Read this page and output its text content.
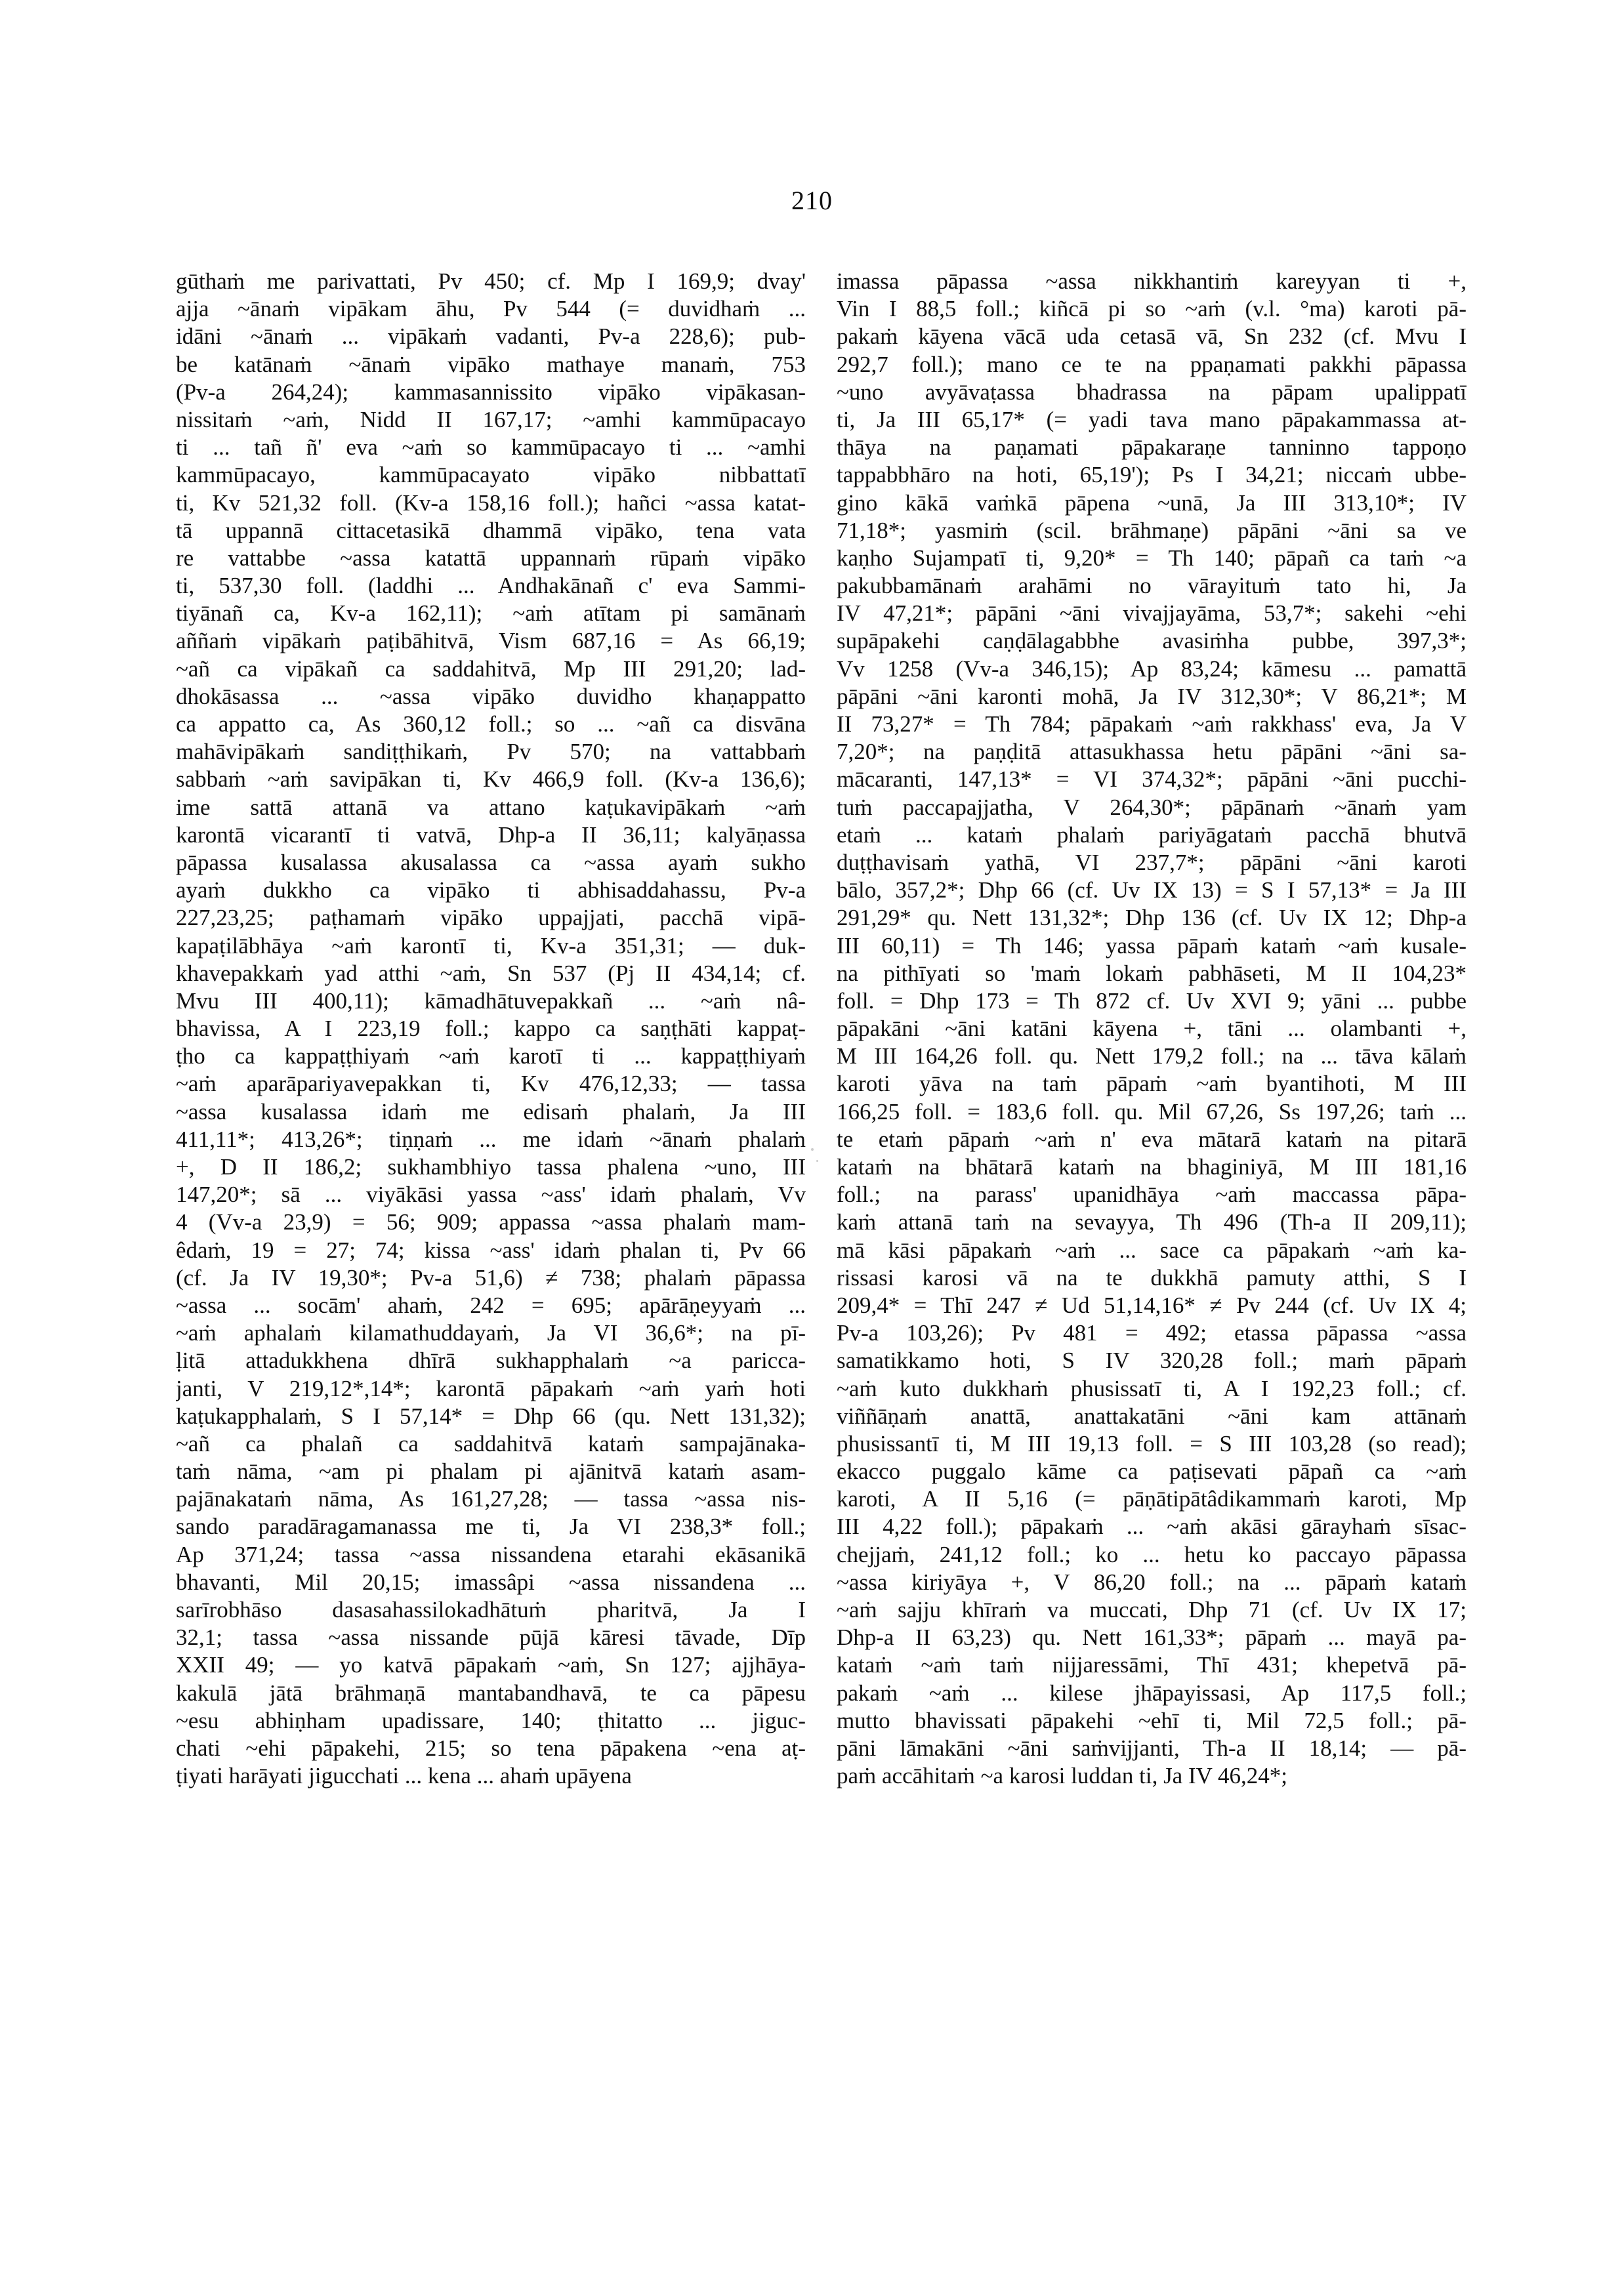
210
gūthaṁ me parivattati, Pv 450; cf. Mp I 169,9; dvay'
ajja ~ānaṁ vipākam āhu, Pv 544 (= duvidhaṁ ...
idāni ~ānaṁ ... vipākaṁ vadanti, Pv-a 228,6); pub-
be katānaṁ ~ānaṁ vipāko mathaye manaṁ, 753
(Pv-a 264,24); kammasannissito vipāko vipākasan-
nissitaṁ ~aṁ, Nidd II 167,17; ~amhi kammūpacayo
ti ... tañ ñ' eva ~aṁ so kammūpacayo ti ... ~amhi
kammūpacayo, kammūpacayato vipāko nibbattatī
ti, Kv 521,32 foll. (Kv-a 158,16 foll.); hañci ~assa katat-
tā uppannā cittacetasikā dhammā vipāko, tena vata
re vattabbe ~assa katattā uppannaṁ rūpaṁ vipāko
ti, 537,30 foll. (laddhi ... Andhakānañ c' eva Sammi-
tiyānañ ca, Kv-a 162,11); ~aṁ atītam pi samānaṁ
aññaṁ vipākaṁ paṭibāhitvā, Vism 687,16 = As 66,19;
~añ ca vipākañ ca saddahitvā, Mp III 291,20; lad-
dhokāsassa ... ~assa vipāko duvidho khaṇappatto
ca appatto ca, As 360,12 foll.; so ... ~añ ca disvāna
mahāvipākaṁ sandiṭṭhikaṁ, Pv 570; na vattabbaṁ
sabbaṁ ~aṁ savipākan ti, Kv 466,9 foll. (Kv-a 136,6);
ime sattā attanā va attano kaṭukavipākaṁ ~aṁ
karontā vicarantī ti vatvā, Dhp-a II 36,11; kalyāṇassa
pāpassa kusalassa akusalassa ca ~assa ayaṁ sukho
ayaṁ dukkho ca vipāko ti abhisaddahassu, Pv-a
227,23,25; paṭhamaṁ vipāko uppajjati, pacchā vipā-
kapaṭilābhāya ~aṁ karontī ti, Kv-a 351,31; — duk-
khavepakkaṁ yad atthi ~aṁ, Sn 537 (Pj II 434,14; cf.
Mvu III 400,11); kāmadhātuvepakkañ ... ~aṁ nâ-
bhavissa, A I 223,19 foll.; kappo ca saṇṭhāti kappaṭ-
ṭho ca kappaṭṭhiyaṁ ~aṁ karotī ti ... kappaṭṭhiyaṁ
~aṁ aparāpariyavepakkan ti, Kv 476,12,33; — tassa
~assa kusalassa idaṁ me edisaṁ phalaṁ, Ja III
411,11*; 413,26*; tiṇṇaṁ ... me idaṁ ~ānaṁ phalaṁ
+, D II 186,2; sukhambhiyo tassa phalena ~uno, III
147,20*; sā ... viyākāsi yassa ~ass' idaṁ phalaṁ, Vv
4 (Vv-a 23,9) = 56; 909; appassa ~assa phalaṁ mam-
êdaṁ, 19 = 27; 74; kissa ~ass' idaṁ phalan ti, Pv 66
(cf. Ja IV 19,30*; Pv-a 51,6) ≠ 738; phalaṁ pāpassa
~assa ... socām' ahaṁ, 242 = 695; apārāṇeyyaṁ ...
~aṁ aphalaṁ kilamathuddayaṁ, Ja VI 36,6*; na pī-
ḷitā attadukkhena dhīrā sukhapphalaṁ ~a paricca-
janti, V 219,12*,14*; karontā pāpakaṁ ~aṁ yaṁ hoti
kaṭukapphalaṁ, S I 57,14* = Dhp 66 (qu. Nett 131,32);
~añ ca phalañ ca saddahitvā kataṁ sampajānaka-
taṁ nāma, ~am pi phalam pi ajānitvā kataṁ asam-
pajānakataṁ nāma, As 161,27,28; — tassa ~assa nis-
sando paradāragamanassa me ti, Ja VI 238,3* foll.;
Ap 371,24; tassa ~assa nissandena etarahi ekāsanikā
bhavanti, Mil 20,15; imassâpi ~assa nissandena ...
sarīrobhāso dasasahassilokadhātuṁ pharitvā, Ja I
32,1; tassa ~assa nissande pūjā kāresi tāvade, Dīp
XXII 49; — yo katvā pāpakaṁ ~aṁ, Sn 127; ajjhāya-
kakulā jātā brāhmaṇā mantabandhavā, te ca pāpesu
~esu abhiṇham upadissare, 140; ṭhitatto ... jiguc-
chati ~ehi pāpakehi, 215; so tena pāpakena ~ena aṭ-
ṭiyati harāyati jigucchati ... kena ... ahaṁ upāyena
imassa pāpassa ~assa nikkhantiṁ kareyyan ti +,
Vin I 88,5 foll.; kiñcā pi so ~aṁ (v.l. °ma) karoti pā-
pakaṁ kāyena vācā uda cetasā vā, Sn 232 (cf. Mvu I
292,7 foll.); mano ce te na ppaṇamati pakkhi pāpassa
~uno avyāvaṭassa bhadrassa na pāpam upalippatī
ti, Ja III 65,17* (= yadi tava mano pāpakammassa at-
thāya na paṇamati pāpakaraṇe tanninno tappoṇo
tappabbhāro na hoti, 65,19'); Ps I 34,21; niccaṁ ubbe-
gino kākā vaṁkā pāpena ~unā, Ja III 313,10*; IV
71,18*; yasmiṁ (scil. brāhmaṇe) pāpāni ~āni sa ve
kaṇho Sujampatī ti, 9,20* = Th 140; pāpañ ca taṁ ~a
pakubbamānaṁ arahāmi no vārayituṁ tato hi, Ja
IV 47,21*; pāpāni ~āni vivajjayāma, 53,7*; sakehi ~ehi
supāpakehi caṇḍālagabbhe avasiṁha pubbe, 397,3*;
Vv 1258 (Vv-a 346,15); Ap 83,24; kāmesu ... pamattā
pāpāni ~āni karonti mohā, Ja IV 312,30*; V 86,21*; M
II 73,27* = Th 784; pāpakaṁ ~aṁ rakkhass' eva, Ja V
7,20*; na paṇḍitā attasukhassa hetu pāpāni ~āni sa-
mācaranti, 147,13* = VI 374,32*; pāpāni ~āni pucchi-
tuṁ paccapajjatha, V 264,30*; pāpānaṁ ~ānaṁ yam
etaṁ ... kataṁ phalaṁ pariyāgataṁ pacchā bhutvā
duṭṭhavisaṁ yathā, VI 237,7*; pāpāni ~āni karoti
bālo, 357,2*; Dhp 66 (cf. Uv IX 13) = S I 57,13* = Ja III
291,29* qu. Nett 131,32*; Dhp 136 (cf. Uv IX 12; Dhp-a
III 60,11) = Th 146; yassa pāpaṁ kataṁ ~aṁ kusale-
na pithīyati so 'maṁ lokaṁ pabhāseti, M II 104,23*
foll. = Dhp 173 = Th 872 cf. Uv XVI 9; yāni ... pubbe
pāpakāni ~āni katāni kāyena +, tāni ... olambanti +,
M III 164,26 foll. qu. Nett 179,2 foll.; na ... tāva kālaṁ
karoti yāva na taṁ pāpaṁ ~aṁ byantihoti, M III
166,25 foll. = 183,6 foll. qu. Mil 67,26, Ss 197,26; taṁ ...
te etaṁ pāpaṁ ~aṁ n' eva mātarā kataṁ na pitarā
kataṁ na bhātarā kataṁ na bhaginiyā, M III 181,16
foll.; na parass' upanidhāya ~aṁ maccassa pāpa-
kaṁ attanā taṁ na sevayya, Th 496 (Th-a II 209,11);
mā kāsi pāpakaṁ ~aṁ ... sace ca pāpakaṁ ~aṁ ka-
rissasi karosi vā na te dukkhā pamuty atthi, S I
209,4* = Thī 247 ≠ Ud 51,14,16* ≠ Pv 244 (cf. Uv IX 4;
Pv-a 103,26); Pv 481 = 492; etassa pāpassa ~assa
samatikkamo hoti, S IV 320,28 foll.; maṁ pāpaṁ
~aṁ kuto dukkhaṁ phusissatī ti, A I 192,23 foll.; cf.
viññāṇaṁ anattā, anattakatāni ~āni kam attānaṁ
phusissantī ti, M III 19,13 foll. = S III 103,28 (so read);
ekacco puggalo kāme ca paṭisevati pāpañ ca ~aṁ
karoti, A II 5,16 (= pāṇātipātâdikammaṁ karoti, Mp
III 4,22 foll.); pāpakaṁ ... ~aṁ akāsi gārayhaṁ sīsac-
chejjaṁ, 241,12 foll.; ko ... hetu ko paccayo pāpassa
~assa kiriyāya +, V 86,20 foll.; na ... pāpaṁ kataṁ
~aṁ sajju khīraṁ va muccati, Dhp 71 (cf. Uv IX 17;
Dhp-a II 63,23) qu. Nett 161,33*; pāpaṁ ... mayā pa-
kataṁ ~aṁ taṁ nijjaressāmi, Thī 431; khepetvā pā-
pakaṁ ~aṁ ... kilese jhāpayissasi, Ap 117,5 foll.;
mutto bhavissati pāpakehi ~ehī ti, Mil 72,5 foll.; pā-
pāni lāmakāni ~āni saṁvijjanti, Th-a II 18,14; — pā-
paṁ accāhitaṁ ~a karosi luddan ti, Ja IV 46,24*;
